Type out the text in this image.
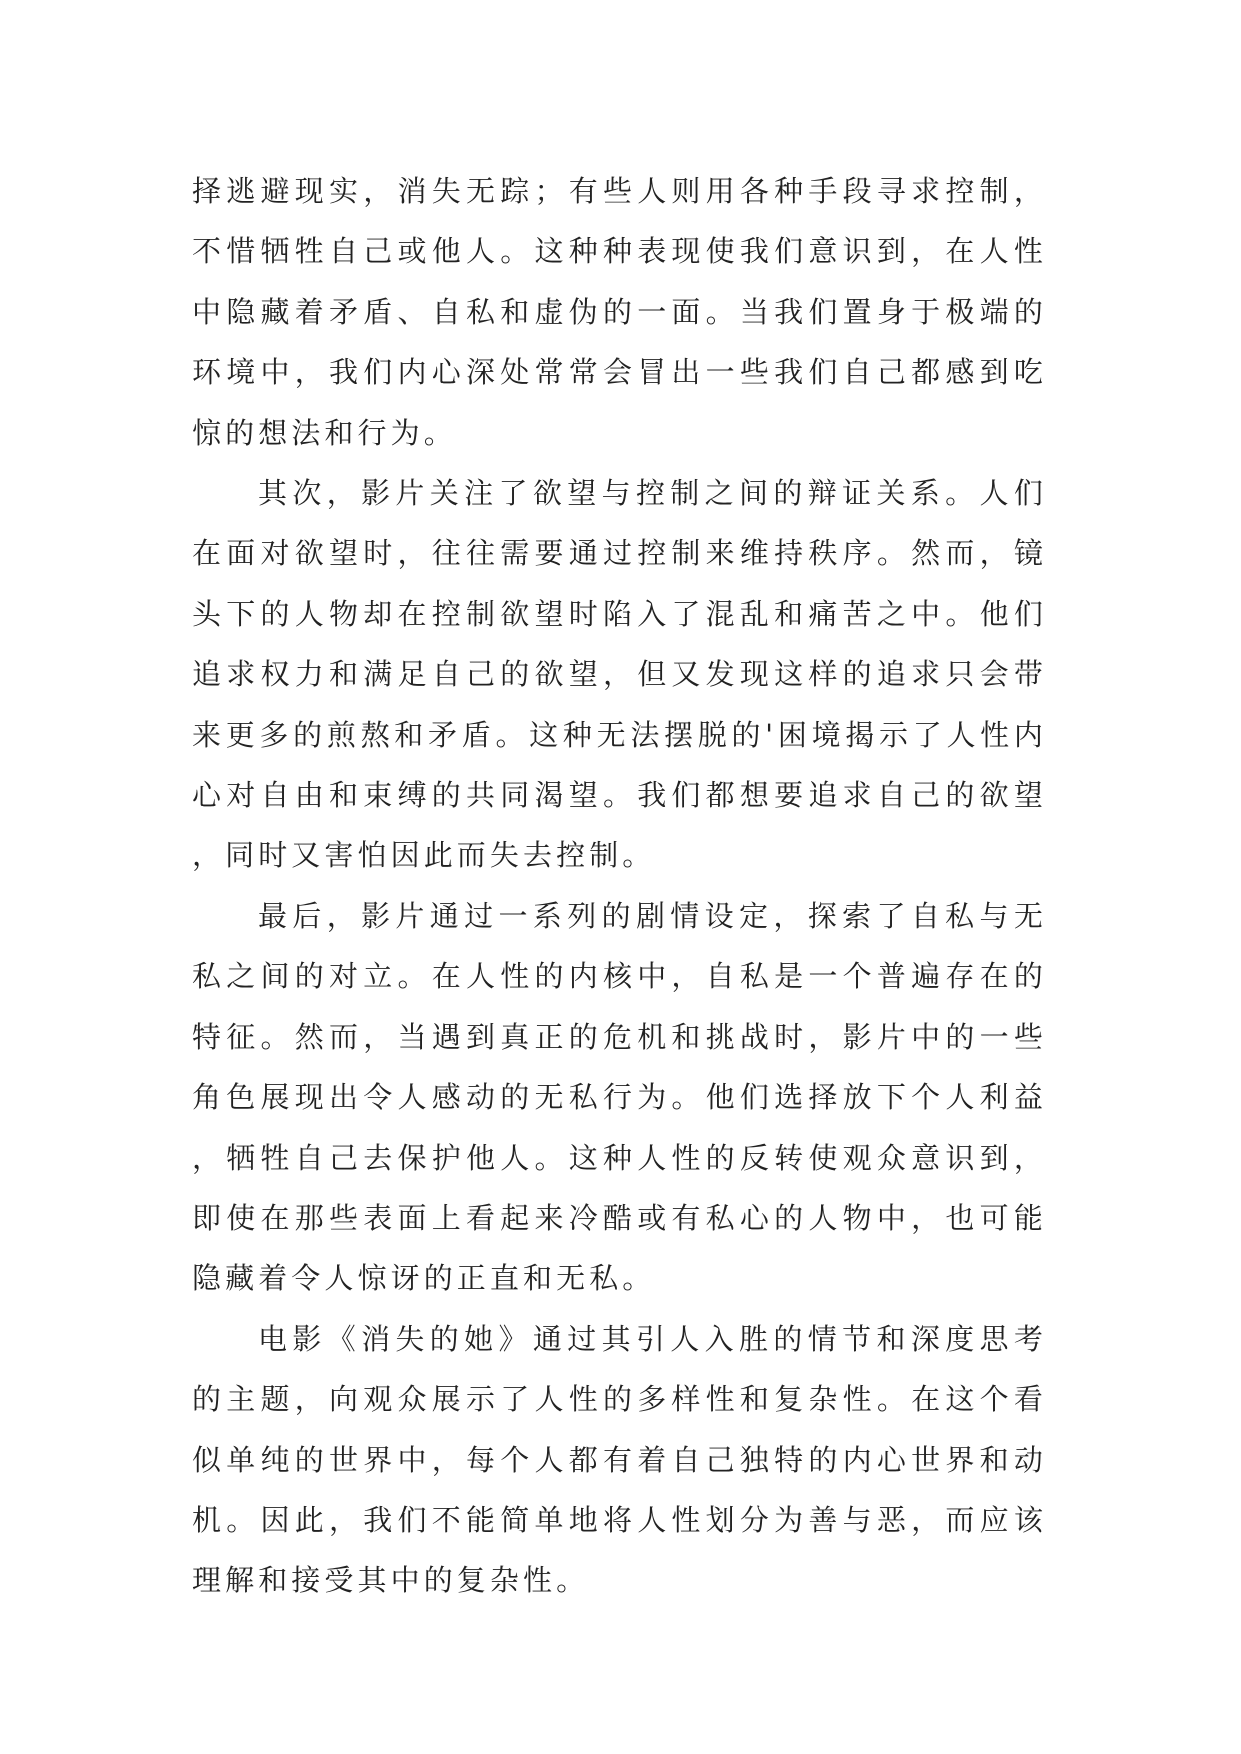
择逃避现实，消失无踪；有些人则用各种手段寻求控制，不惜牺牲自己或他人。这种种表现使我们意识到，在人性中隐藏着矛盾、自私和虚伪的一面。当我们置身于极端的环境中，我们内心深处常常会冒出一些我们自己都感到吃惊的想法和行为。

其次，影片关注了欲望与控制之间的辩证关系。人们在面对欲望时，往往需要通过控制来维持秩序。然而，镜头下的人物却在控制欲望时陷入了混乱和痛苦之中。他们追求权力和满足自己的欲望，但又发现这样的追求只会带来更多的煎熬和矛盾。这种无法摆脱的'困境揭示了人性内心对自由和束缚的共同渴望。我们都想要追求自己的欲望，同时又害怕因此而失去控制。

最后，影片通过一系列的剧情设定，探索了自私与无私之间的对立。在人性的内核中，自私是一个普遍存在的特征。然而，当遇到真正的危机和挑战时，影片中的一些角色展现出令人感动的无私行为。他们选择放下个人利益，牺牲自己去保护他人。这种人性的反转使观众意识到，即使在那些表面上看起来冷酷或有私心的人物中，也可能隐藏着令人惊讶的正直和无私。

电影《消失的她》通过其引人入胜的情节和深度思考的主题，向观众展示了人性的多样性和复杂性。在这个看似单纯的世界中，每个人都有着自己独特的内心世界和动机。因此，我们不能简单地将人性划分为善与恶，而应该理解和接受其中的复杂性。
